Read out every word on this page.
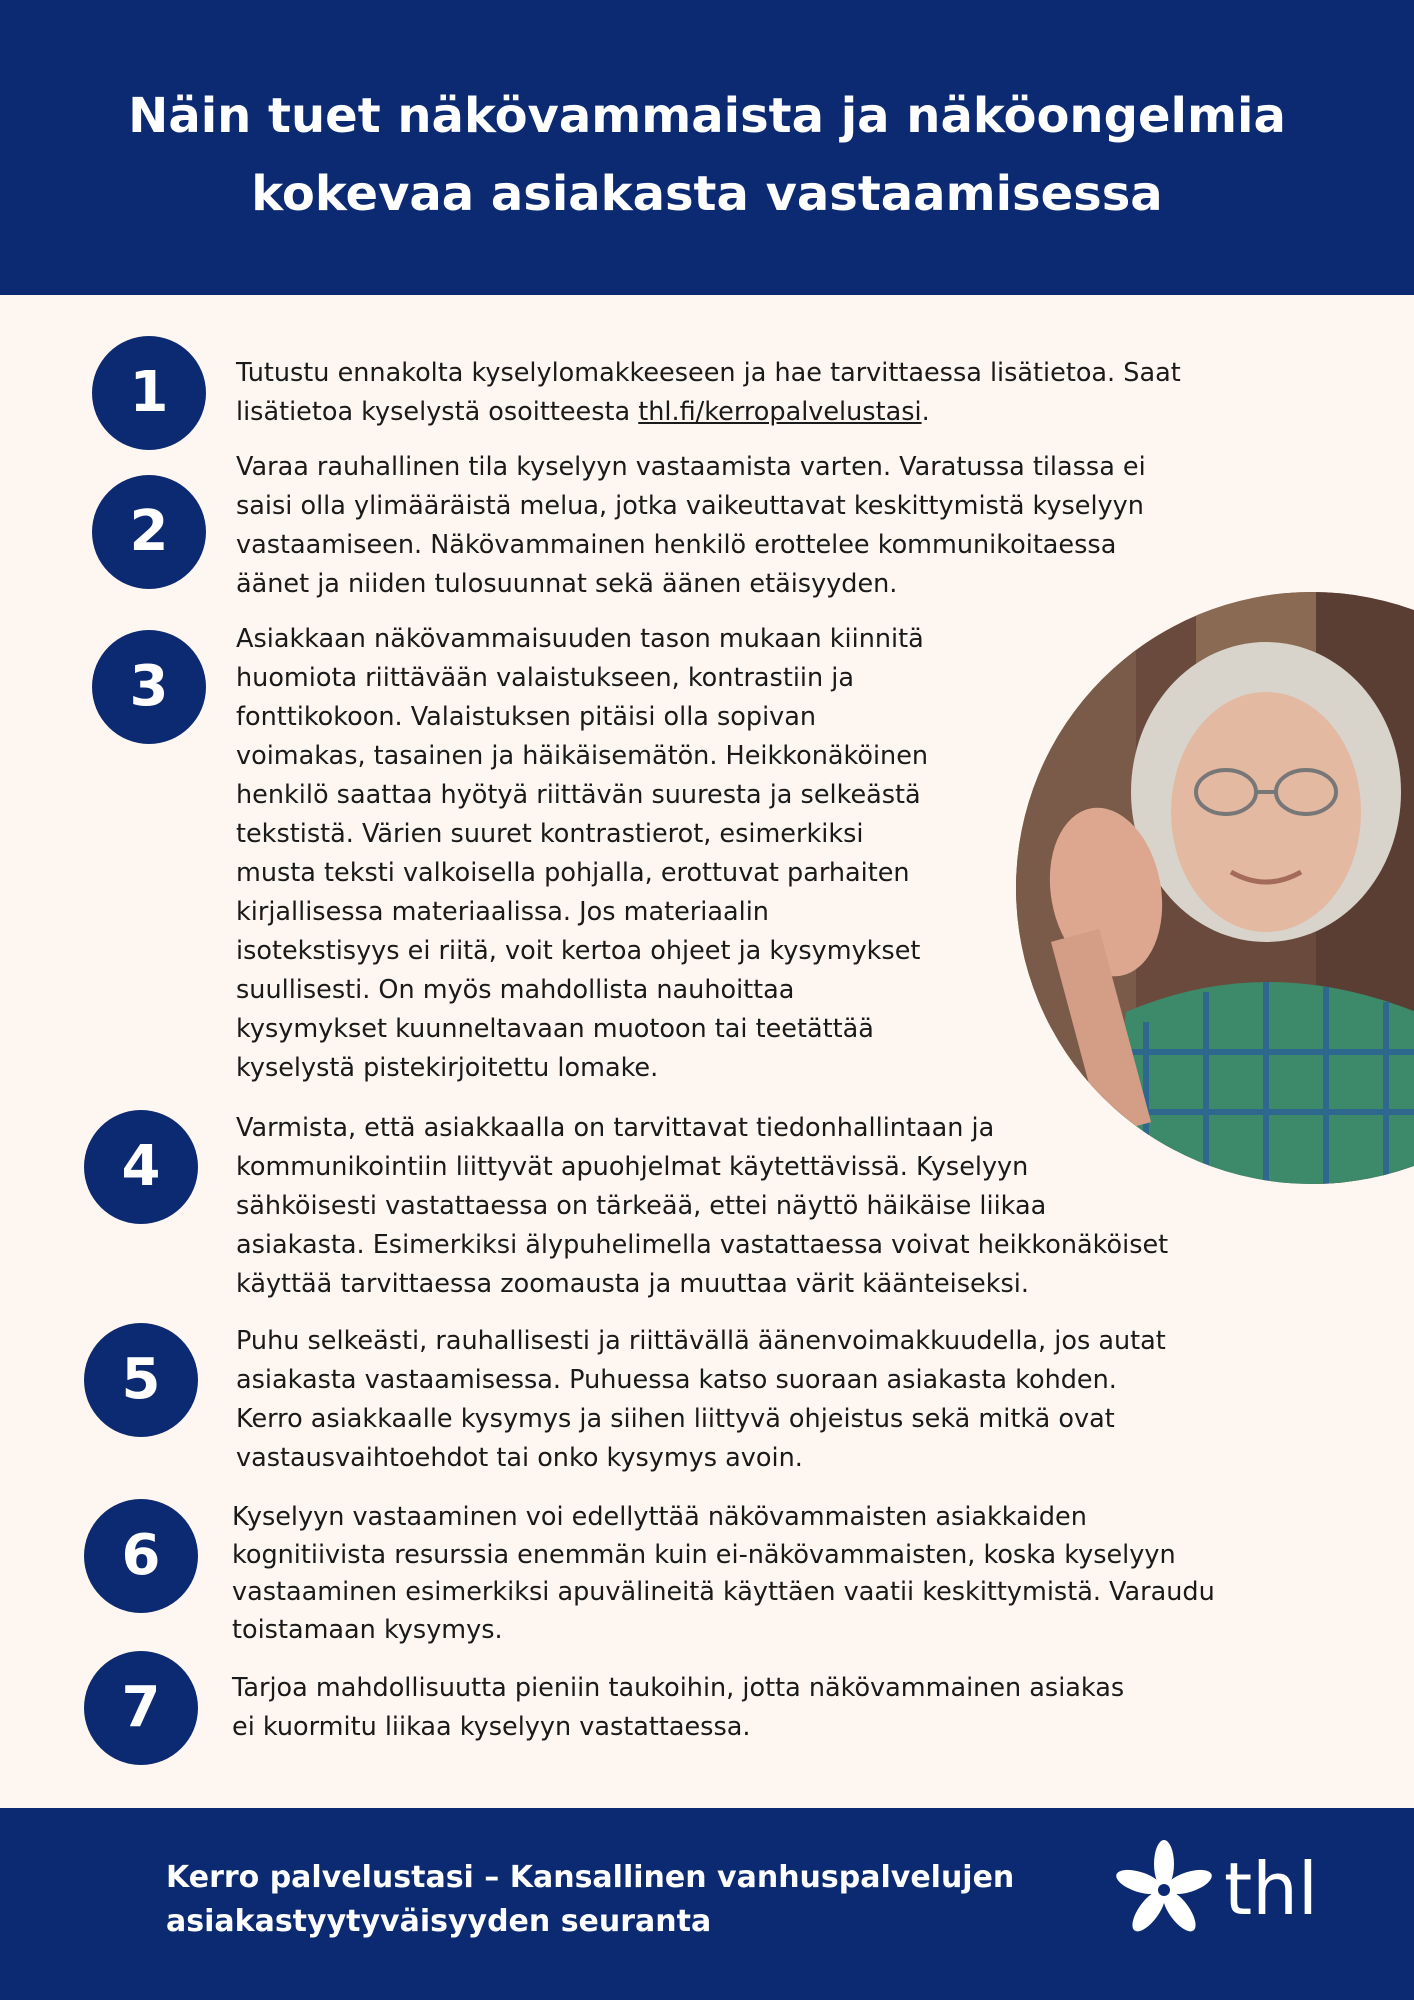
Näin tuet näkövammaista ja näköongelmia
kokevaa asiakasta vastaamisessa
1	Tutustu ennakolta kyselylomakkeeseen ja hae tarvittaessa lisätietoa. Saat
lisätietoa kyselystä osoitteesta thl.fi/kerropalvelustasi.
2
Varaa rauhallinen tila kyselyyn vastaamista varten. Varatussa tilassa ei
saisi olla ylimääräistä melua, jotka vaikeuttavat keskittymistä kyselyyn
vastaamiseen. Näkövammainen henkilö erottelee kommunikoitaessa
äänet ja niiden tulosuunnat sekä äänen etäisyyden.
3
Asiakkaan näkövammaisuuden tason mukaan kiinnitä
huomiota riittävään valaistukseen, kontrastiin ja
fonttikokoon. Valaistuksen pitäisi olla sopivan
voimakas, tasainen ja häikäisemätön. Heikkonäköinen
henkilö saattaa hyötyä riittävän suuresta ja selkeästä
tekstistä. Värien suuret kontrastierot, esimerkiksi
musta teksti valkoisella pohjalla, erottuvat parhaiten
kirjallisessa materiaalissa. Jos materiaalin
isotekstisyys ei riitä, voit kertoa ohjeet ja kysymykset
suullisesti. On myös mahdollista nauhoittaa
kysymykset kuunneltavaan muotoon tai teetättää
kyselystä pistekirjoitettu lomake.
4
Varmista, että asiakkaalla on tarvittavat tiedonhallintaan ja
kommunikointiin liittyvät apuohjelmat käytettävissä. Kyselyyn
sähköisesti vastattaessa on tärkeää, ettei näyttö häikäise liikaa
asiakasta. Esimerkiksi älypuhelimella vastattaessa voivat heikkonäköiset
käyttää tarvittaessa zoomausta ja muuttaa värit käänteiseksi.
5
Puhu selkeästi, rauhallisesti ja riittävällä äänenvoimakkuudella, jos autat
asiakasta vastaamisessa. Puhuessa katso suoraan asiakasta kohden.
Kerro asiakkaalle kysymys ja siihen liittyvä ohjeistus sekä mitkä ovat
vastausvaihtoehdot tai onko kysymys avoin.
6
Kyselyyn vastaaminen voi edellyttää näkövammaisten asiakkaiden
kognitiivista resurssia enemmän kuin ei-näkövammaisten, koska kyselyyn
vastaaminen esimerkiksi apuvälineitä käyttäen vaatii keskittymistä. Varaudu
toistamaan kysymys.
7	Tarjoa mahdollisuutta pieniin taukoihin, jotta näkövammainen asiakas
ei kuormitu liikaa kyselyyn vastattaessa.
Kerro palvelustasi – Kansallinen vanhuspalvelujen
asiakastyytyväisyyden seuranta	thl
